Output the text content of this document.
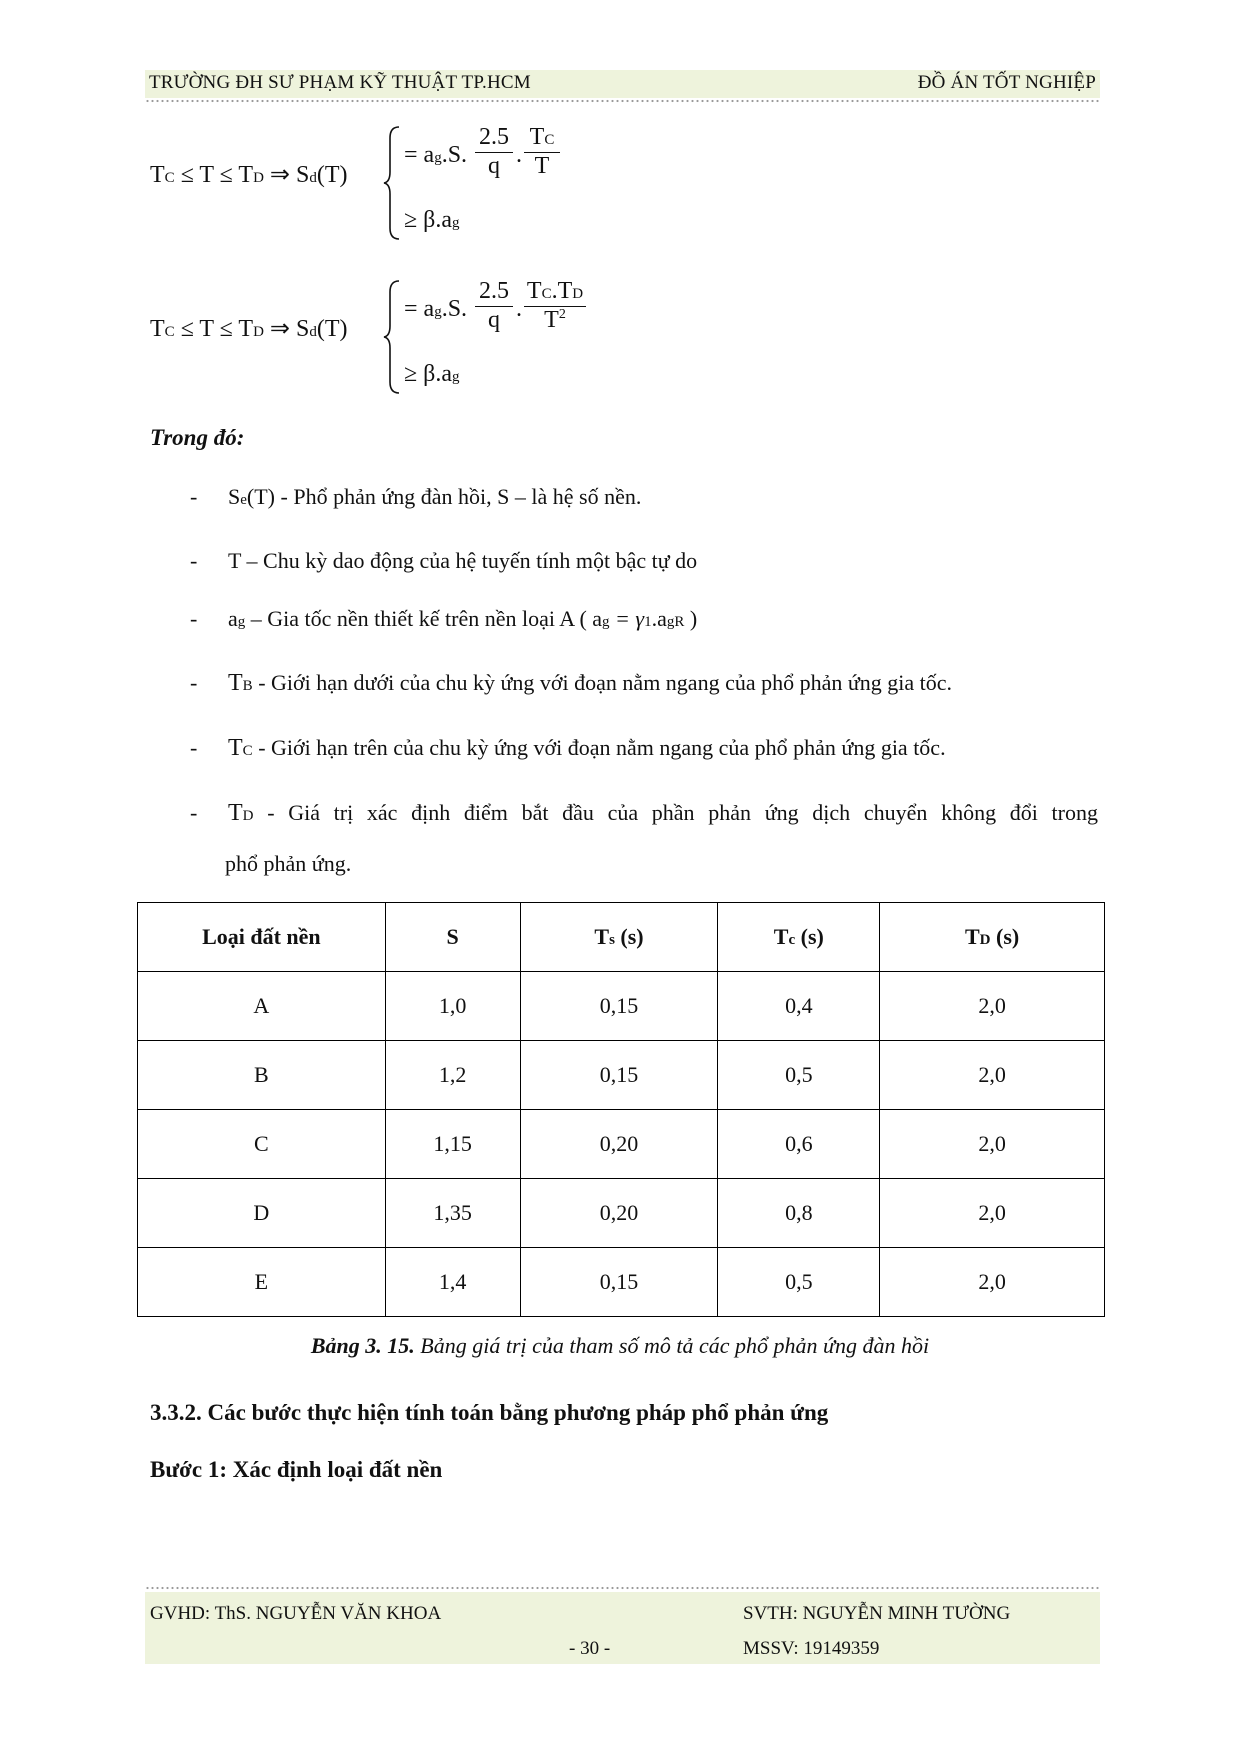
TRƯỜNG ĐH SƯ PHẠM KỸ THUẬT TP.HCM	ĐỒ ÁN TỐT NGHIỆP
TC ≤ T ≤ TD ⇒ Sd(T)
= ag.S.
2.5
q .
TC
T
≥ β.ag
TC ≤ T ≤ TD ⇒ Sd(T)
= ag.S.
2.5
q .
TC.TD
$T^2$
≥ β.ag
Trong đó:
- Se(T) - Phổ phản ứng đàn hồi, S – là hệ số nền.
- T – Chu kỳ dao động của hệ tuyến tính một bậc tự do
- ag – Gia tốc nền thiết kế trên nền loại A ( ag = γ1.agR )
- TB - Giới hạn dưới của chu kỳ ứng với đoạn nằm ngang của phổ phản ứng gia tốc.
- TC - Giới hạn trên của chu kỳ ứng với đoạn nằm ngang của phổ phản ứng gia tốc.
- TD - Giá trị xác định điểm bắt đầu của phần phản ứng dịch chuyển không đổi trong
phổ phản ứng.
Loại đất nền	S	Ts (s)	Tc (s)	TD (s)
A	1,0	0,15	0,4	2,0
B	1,2	0,15	0,5	2,0
C	1,15	0,20	0,6	2,0
D	1,35	0,20	0,8	2,0
E	1,4	0,15	0,5	2,0
Bảng 3. 15. Bảng giá trị của tham số mô tả các phổ phản ứng đàn hồi
3.3.2. Các bước thực hiện tính toán bằng phương pháp phổ phản ứng
Bước 1: Xác định loại đất nền
GVHD: ThS. NGUYỄN VĂN KHOA	SVTH: NGUYỄN MINH TƯỜNG
- 30 -	MSSV: 19149359
